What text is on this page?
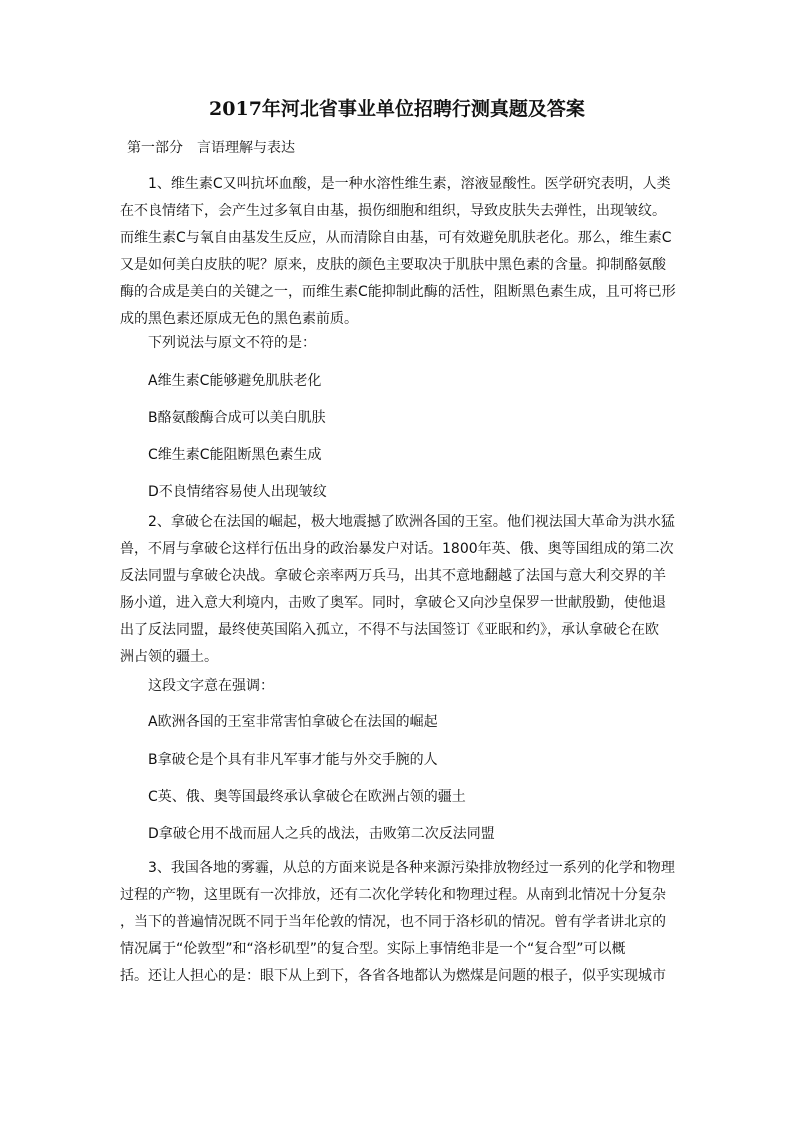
2017年河北省事业单位招聘行测真题及答案
第一部分　言语理解与表达
1、维生素C又叫抗坏血酸，是一种水溶性维生素，溶液显酸性。医学研究表明，人类
在不良情绪下，会产生过多氧自由基，损伤细胞和组织，导致皮肤失去弹性，出现皱纹。
而维生素C与氧自由基发生反应，从而清除自由基，可有效避免肌肤老化。那么，维生素C
又是如何美白皮肤的呢？原来，皮肤的颜色主要取决于肌肤中黑色素的含量。抑制酪氨酸
酶的合成是美白的关键之一，而维生素C能抑制此酶的活性，阻断黑色素生成，且可将已形
成的黑色素还原成无色的黑色素前质。
下列说法与原文不符的是：
A维生素C能够避免肌肤老化
B酪氨酸酶合成可以美白肌肤
C维生素C能阻断黑色素生成
D不良情绪容易使人出现皱纹
2、拿破仑在法国的崛起，极大地震撼了欧洲各国的王室。他们视法国大革命为洪水猛
兽，不屑与拿破仑这样行伍出身的政治暴发户对话。1800年英、俄、奥等国组成的第二次
反法同盟与拿破仑决战。拿破仑亲率两万兵马，出其不意地翻越了法国与意大利交界的羊
肠小道，进入意大利境内，击败了奥军。同时，拿破仑又向沙皇保罗一世献殷勤，使他退
出了反法同盟，最终使英国陷入孤立，不得不与法国签订《亚眠和约》，承认拿破仑在欧
洲占领的疆土。
这段文字意在强调：
A欧洲各国的王室非常害怕拿破仑在法国的崛起
B拿破仑是个具有非凡军事才能与外交手腕的人
C英、俄、奥等国最终承认拿破仑在欧洲占领的疆土
D拿破仑用不战而屈人之兵的战法，击败第二次反法同盟
3、我国各地的雾霾，从总的方面来说是各种来源污染排放物经过一系列的化学和物理
过程的产物，这里既有一次排放，还有二次化学转化和物理过程。从南到北情况十分复杂
，当下的普遍情况既不同于当年伦敦的情况，也不同于洛杉矶的情况。曾有学者讲北京的
情况属于“伦敦型”和“洛杉矶型”的复合型。实际上事情绝非是一个“复合型”可以概
括。还让人担心的是：眼下从上到下，各省各地都认为燃煤是问题的根子，似乎实现城市
